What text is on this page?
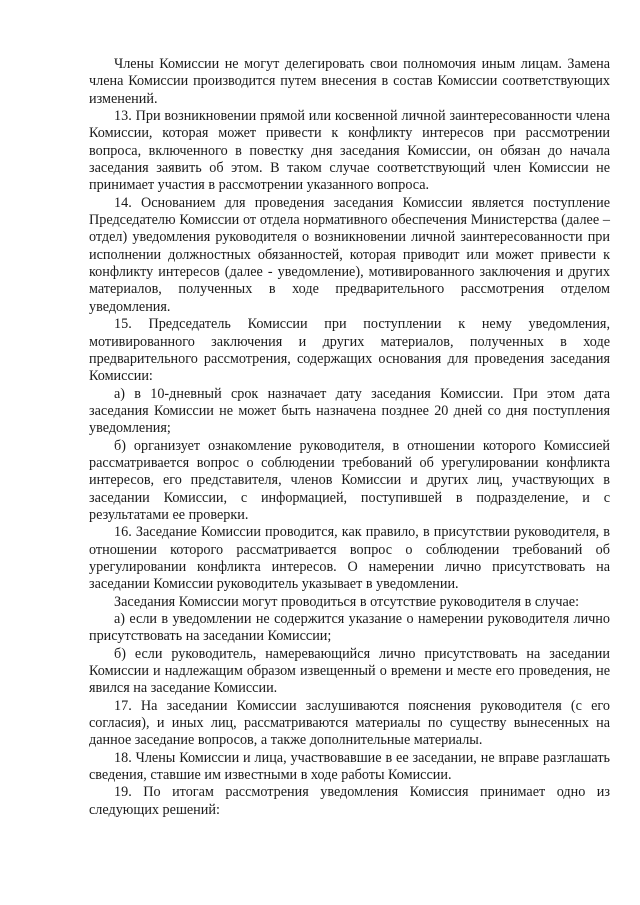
Члены Комиссии не могут делегировать свои полномочия иным лицам. Замена члена Комиссии производится путем внесения в состав Комиссии соответствующих изменений.

13. При возникновении прямой или косвенной личной заинтересованности члена Комиссии, которая может привести к конфликту интересов при рассмотрении вопроса, включенного в повестку дня заседания Комиссии, он обязан до начала заседания заявить об этом. В таком случае соответствующий член Комиссии не принимает участия в рассмотрении указанного вопроса.

14. Основанием для проведения заседания Комиссии является поступление Председателю Комиссии от отдела нормативного обеспечения Министерства (далее – отдел) уведомления руководителя о возникновении личной заинтересованности при исполнении должностных обязанностей, которая приводит или может привести к конфликту интересов (далее - уведомление), мотивированного заключения и других материалов, полученных в ходе предварительного рассмотрения отделом уведомления.

15. Председатель Комиссии при поступлении к нему уведомления, мотивированного заключения и других материалов, полученных в ходе предварительного рассмотрения, содержащих основания для проведения заседания Комиссии:

а) в 10-дневный срок назначает дату заседания Комиссии. При этом дата заседания Комиссии не может быть назначена позднее 20 дней со дня поступления уведомления;

б) организует ознакомление руководителя, в отношении которого Комиссией рассматривается вопрос о соблюдении требований об урегулировании конфликта интересов, его представителя, членов Комиссии и других лиц, участвующих в заседании Комиссии, с информацией, поступившей в подразделение, и с результатами ее проверки.

16. Заседание Комиссии проводится, как правило, в присутствии руководителя, в отношении которого рассматривается вопрос о соблюдении требований об урегулировании конфликта интересов. О намерении лично присутствовать на заседании Комиссии руководитель указывает в уведомлении.

Заседания Комиссии могут проводиться в отсутствие руководителя в случае:

а) если в уведомлении не содержится указание о намерении руководителя лично присутствовать на заседании Комиссии;

б) если руководитель, намеревающийся лично присутствовать на заседании Комиссии и надлежащим образом извещенный о времени и месте его проведения, не явился на заседание Комиссии.

17. На заседании Комиссии заслушиваются пояснения руководителя (с его согласия), и иных лиц, рассматриваются материалы по существу вынесенных на данное заседание вопросов, а также дополнительные материалы.

18. Члены Комиссии и лица, участвовавшие в ее заседании, не вправе разглашать сведения, ставшие им известными в ходе работы Комиссии.

19. По итогам рассмотрения уведомления Комиссия принимает одно из следующих решений:
